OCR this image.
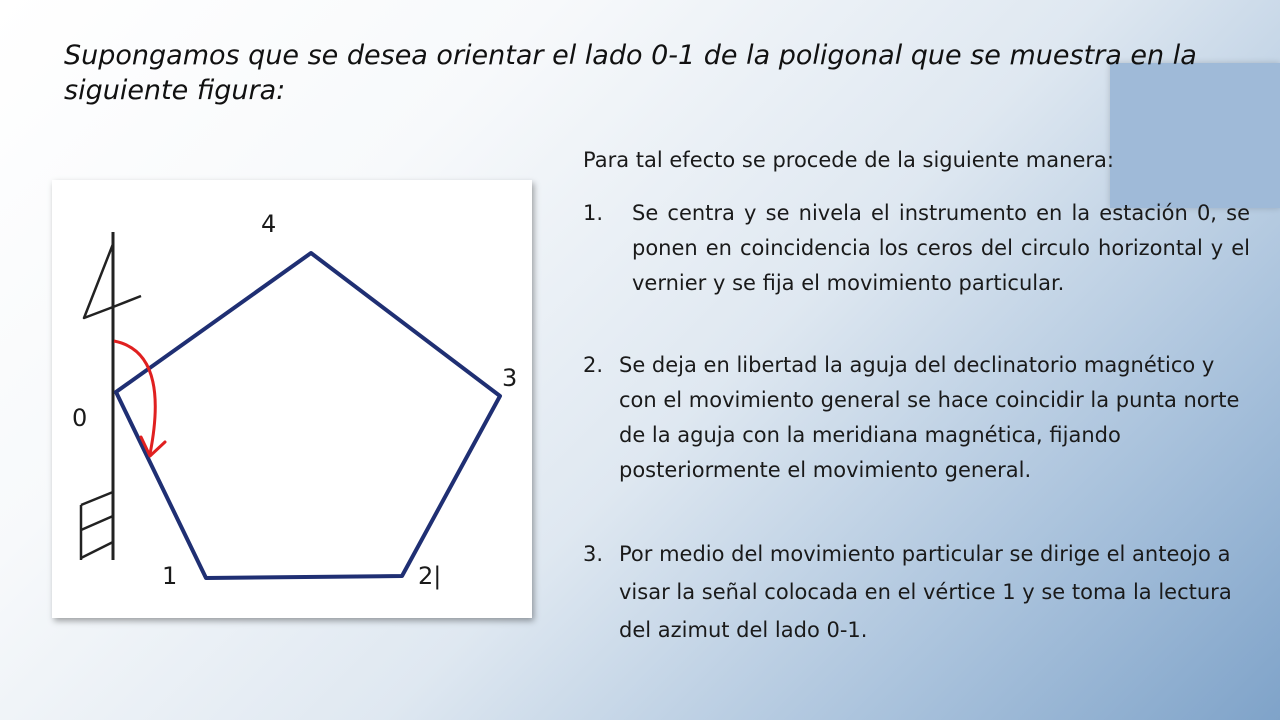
Supongamos que se desea orientar el lado 0-1 de la poligonal que se muestra en la siguiente figura:
4
3
0
1	2|

Para tal efecto se procede de la siguiente manera:

1. Se centra y se nivela el instrumento en la estación 0, se ponen en coincidencia los ceros del circulo horizontal y el vernier y se fija el movimiento particular.
2. Se deja en libertad la aguja del declinatorio magnético y con el movimiento general se hace coincidir la punta norte de la aguja con la meridiana magnética, fijando posteriormente el movimiento general.
3. Por medio del movimiento particular se dirige el anteojo a visar la señal colocada en el vértice 1 y se toma la lectura del azimut del lado 0-1.
